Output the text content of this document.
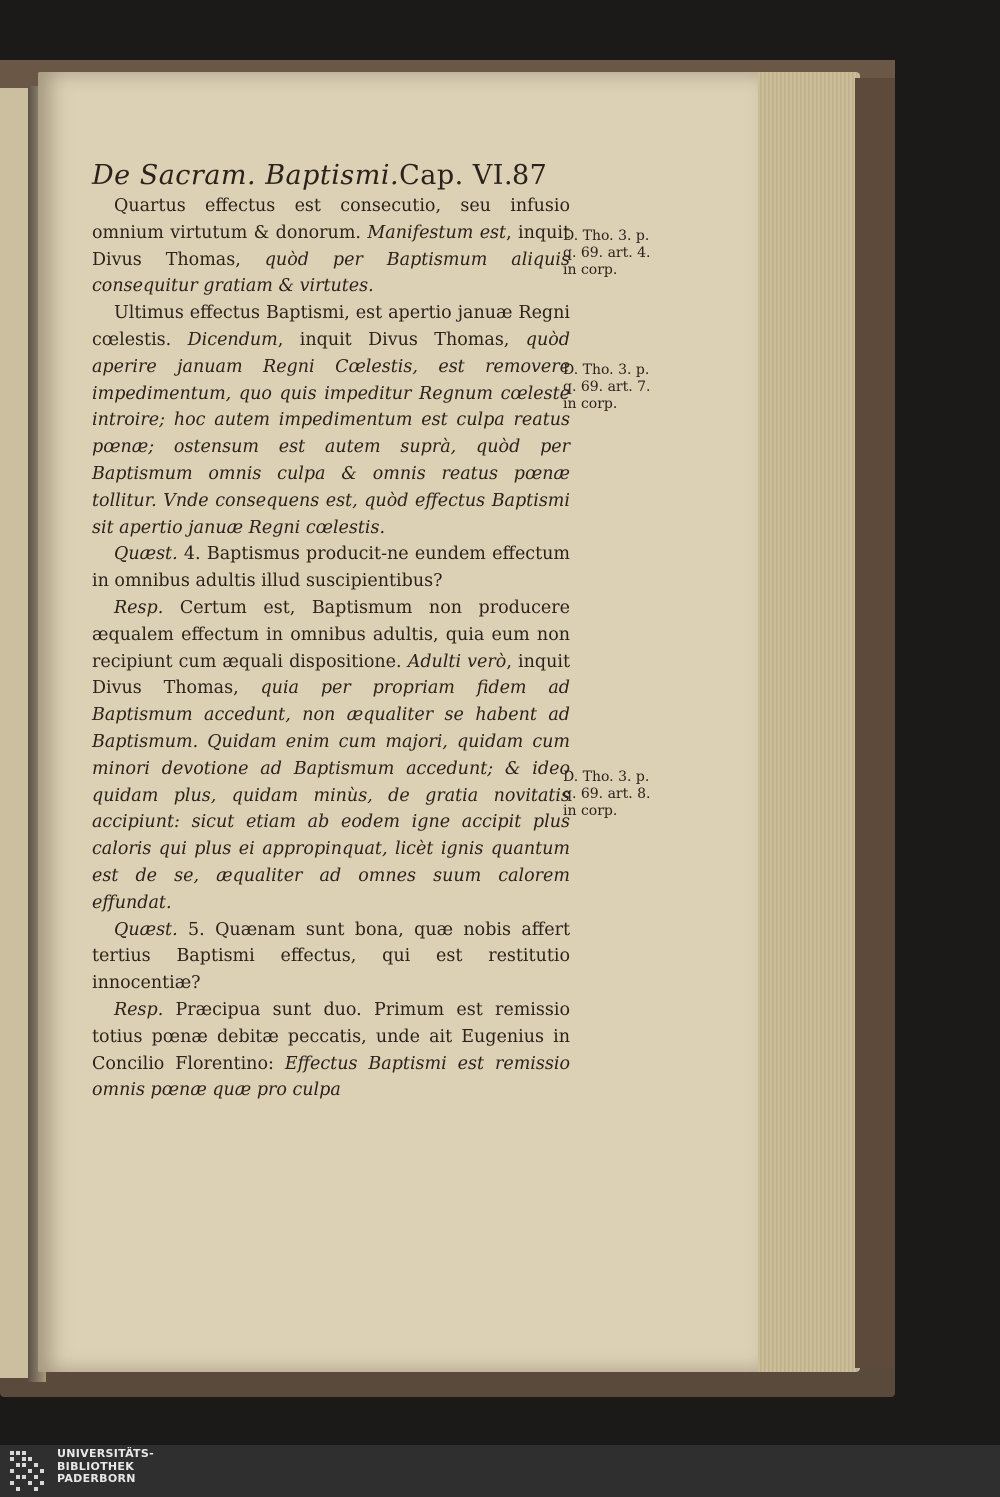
De Sacram. Baptismi.Cap. VI.
87

Quartus effectus est consecutio, seu infusio omnium virtutum & donorum. Manifestum est, inquit Divus Thomas, quòd per Baptismum aliquis consequitur gratiam & virtutes.

Ultimus effectus Baptismi, est apertio januæ Regni cœlestis. Dicendum, inquit Divus Thomas, quòd aperire januam Regni Cœlestis, est removere impedimentum, quo quis impeditur Regnum cœleste introire; hoc autem impedimentum est culpa reatus pœnæ; ostensum est autem suprà, quòd per Baptismum omnis culpa & omnis reatus pœnæ tollitur. Vnde consequens est, quòd effectus Baptismi sit apertio januæ Regni cœlestis.

Quæst. 4. Baptismus producit-ne eundem effectum in omnibus adultis illud suscipientibus?

Resp. Certum est, Baptismum non producere æqualem effectum in omnibus adultis, quia eum non recipiunt cum æquali dispositione. Adulti verò, inquit Divus Thomas, quia per propriam fidem ad Baptismum accedunt, non æqualiter se habent ad Baptismum. Quidam enim cum majori, quidam cum minori devotione ad Baptismum accedunt; & ideo quidam plus, quidam minùs, de gratia novitatis accipiunt: sicut etiam ab eodem igne accipit plus caloris qui plus ei appropinquat, licèt ignis quantum est de se, æqualiter ad omnes suum calorem effundat.

Quæst. 5. Quænam sunt bona, quæ nobis affert tertius Baptismi effectus, qui est restitutio innocentiæ?

Resp. Præcipua sunt duo. Primum est remissio totius pœnæ debitæ peccatis, unde ait Eugenius in Concilio Florentino: Effectus Baptismi est remissio omnis pœnæ quæ pro culpa

D. Tho. 3. p.
q. 69. art. 4.
in corp.
D. Tho. 3. p.
q. 69. art. 7.
in corp.
D. Tho. 3. p.
q. 69. art. 8.
in corp.
UNIVERSITÄTS-
BIBLIOTHEK
PADERBORN
